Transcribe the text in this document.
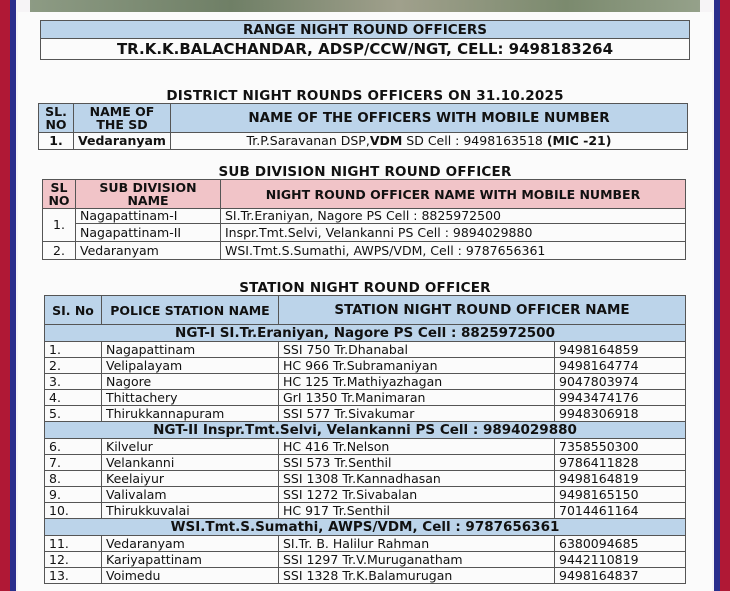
RANGE NIGHT ROUND OFFICERS
TR.K.K.BALACHANDAR, ADSP/CCW/NGT, CELL: 9498183264
DISTRICT NIGHT ROUNDS OFFICERS ON 31.10.2025
SL. NO	NAME OF THE SD	NAME OF THE OFFICERS WITH MOBILE NUMBER
1.	Vedaranyam	Tr.P.Saravanan DSP,VDM SD Cell : 9498163518 (MIC -21)
SUB DIVISION NIGHT ROUND OFFICER
SL NO	SUB DIVISION NAME	NIGHT ROUND OFFICER NAME WITH MOBILE NUMBER
1.	Nagapattinam-I	SI.Tr.Eraniyan, Nagore PS Cell : 8825972500
	Nagapattinam-II	Inspr.Tmt.Selvi, Velankanni PS Cell : 9894029880
2.	Vedaranyam	WSI.Tmt.S.Sumathi, AWPS/VDM, Cell : 9787656361
STATION NIGHT ROUND OFFICER
SI. No	POLICE STATION NAME	STATION NIGHT ROUND OFFICER NAME	
NGT-I SI.Tr.Eraniyan, Nagore PS Cell : 8825972500			
1.	Nagapattinam	SSI 750 Tr.Dhanabal	9498164859
2.	Velipalayam	HC 966 Tr.Subramaniyan	9498164774
3.	Nagore	HC 125 Tr.Mathiyazhagan	9047803974
4.	Thittachery	GrI 1350 Tr.Manimaran	9943474176
5.	Thirukkannapuram	SSI 577 Tr.Sivakumar	9948306918
NGT-II Inspr.Tmt.Selvi, Velankanni PS Cell : 9894029880			
6.	Kilvelur	HC 416 Tr.Nelson	7358550300
7.	Velankanni	SSI 573 Tr.Senthil	9786411828
8.	Keelaiyur	SSI 1308 Tr.Kannadhasan	9498164819
9.	Valivalam	SSI 1272 Tr.Sivabalan	9498165150
10.	Thirukkuvalai	HC 917 Tr.Senthil	7014461164
WSI.Tmt.S.Sumathi, AWPS/VDM, Cell : 9787656361			
11.	Vedaranyam	SI.Tr. B. Halilur Rahman	6380094685
12.	Kariyapattinam	SSI 1297 Tr.V.Muruganatham	9442110819
13.	Voimedu	SSI 1328 Tr.K.Balamurugan	9498164837
